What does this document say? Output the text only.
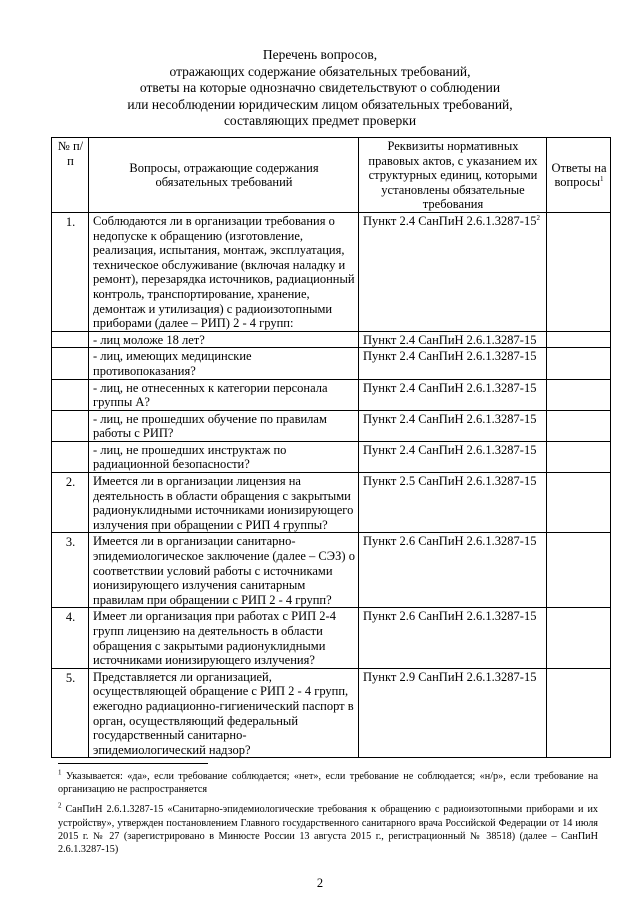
Перечень вопросов,
отражающих содержание обязательных требований,
ответы на которые однозначно свидетельствуют о соблюдении
или несоблюдении юридическим лицом обязательных требований,
составляющих предмет проверки
№ п/п	Вопросы, отражающие содержания обязательных требований	Реквизиты нормативных правовых актов, с указанием их структурных единиц, которыми установлены обязательные требования	Ответы на вопросы$^1$
1.	Соблюдаются ли в организации требования о недопуске к обращению (изготовление, реализация, испытания, монтаж, эксплуатация, техническое обслуживание (включая наладку и ремонт), перезарядка источников, радиационный контроль, транспортирование, хранение, демонтаж и утилизация) с радиоизотопными приборами (далее – РИП) 2 - 4 групп:	Пункт 2.4 СанПиН $2.6.1.3287-15^2$	
	- лиц моложе 18 лет?	Пункт 2.4 СанПиН 2.6.1.3287-15	
	- лиц, имеющих медицинские противопоказания?	Пункт 2.4 СанПиН 2.6.1.3287-15	
	- лиц, не отнесенных к категории персонала группы А?	Пункт 2.4 СанПиН 2.6.1.3287-15	
	- лиц, не прошедших обучение по правилам работы с РИП?	Пункт 2.4 СанПиН 2.6.1.3287-15	
	- лиц, не прошедших инструктаж по радиационной безопасности?	Пункт 2.4 СанПиН 2.6.1.3287-15	
2.	Имеется ли в организации лицензия на деятельность в области обращения с закрытыми радионуклидными источниками ионизирующего излучения при обращении с РИП 4 группы?	Пункт 2.5 СанПиН 2.6.1.3287-15	
3.	Имеется ли в организации санитарно-эпидемиологическое заключение (далее – СЭЗ) о соответствии условий работы с источниками ионизирующего излучения санитарным правилам при обращении с РИП 2 - 4 групп?	Пункт 2.6 СанПиН 2.6.1.3287-15	
4.	Имеет ли организация при работах с РИП 2-4 групп лицензию на деятельность в области обращения с закрытыми радионуклидными источниками ионизирующего излучения?	Пункт 2.6 СанПиН 2.6.1.3287-15	
5.	Представляется ли организацией, осуществляющей обращение с РИП 2 - 4 групп, ежегодно радиационно-гигиенический паспорт в орган, осуществляющий федеральный государственный санитарно-эпидемиологический надзор?	Пункт 2.9 СанПиН 2.6.1.3287-15	

$^1$ Указывается: «да», если требование соблюдается; «нет», если требование не соблюдается; «н/р», если требование на организацию не распространяется

$^2$ СанПиН 2.6.1.3287-15 «Санитарно-эпидемиологические требования к обращению с радиоизотопными приборами и их устройству», утвержден постановлением Главного государственного санитарного врача Российской Федерации от 14 июля 2015 г. № 27 (зарегистрировано в Минюсте России 13 августа 2015 г., регистрационный № 38518) (далее – СанПиН 2.6.1.3287-15)

2
